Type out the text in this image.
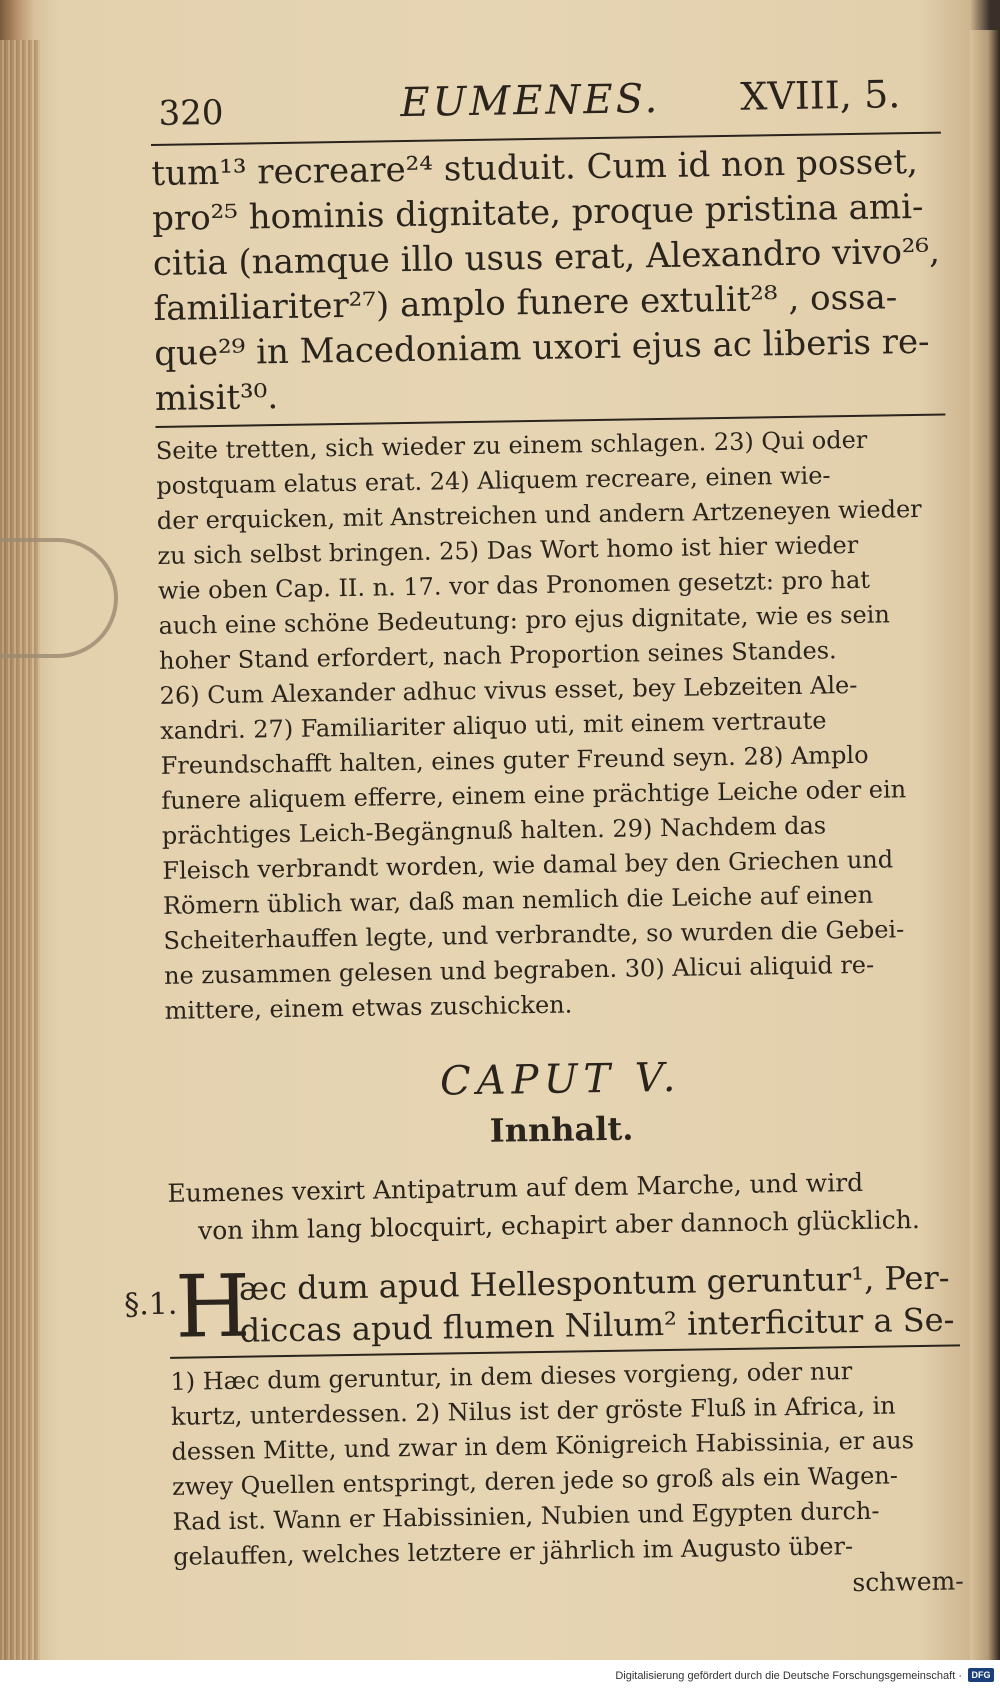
320	EUMENES. XVIII, 5.

tum¹³ recreare²⁴ studuit. Cum id non posset,

pro²⁵ hominis dignitate, proque pristina ami-

citia (namque illo usus erat, Alexandro vivo²⁶,

familiariter²⁷) amplo funere extulit²⁸ , ossa-

que²⁹ in Macedoniam uxori ejus ac liberis re-

misit³⁰.

Seite tretten, sich wieder zu einem schlagen. 23) Qui oder

postquam elatus erat. 24) Aliquem recreare, einen wie-

der erquicken, mit Anstreichen und andern Artzeneyen wieder

zu sich selbst bringen. 25) Das Wort homo ist hier wieder

wie oben Cap. II. n. 17. vor das Pronomen gesetzt: pro hat

auch eine schöne Bedeutung: pro ejus dignitate, wie es sein

hoher Stand erfordert, nach Proportion seines Standes.

26) Cum Alexander adhuc vivus esset, bey Lebzeiten Ale-

xandri. 27) Familiariter aliquo uti, mit einem vertraute

Freundschafft halten, eines guter Freund seyn. 28) Amplo

funere aliquem efferre, einem eine prächtige Leiche oder ein

prächtiges Leich-Begängnuß halten. 29) Nachdem das

Fleisch verbrandt worden, wie damal bey den Griechen und

Römern üblich war, daß man nemlich die Leiche auf einen

Scheiterhauffen legte, und verbrandte, so wurden die Gebei-

ne zusammen gelesen und begraben. 30) Alicui aliquid re-

mittere, einem etwas zuschicken.

CAPUT V.
Innhalt.

Eumenes vexirt Antipatrum auf dem Marche, und wird

von ihm lang blocquirt, echapirt aber dannoch glücklich.

§.1.
H

æc dum apud Hellespontum geruntur¹, Per-

diccas apud flumen Nilum² interficitur a Se-

1) Hæc dum geruntur, in dem dieses vorgieng, oder nur

kurtz, unterdessen. 2) Nilus ist der gröste Fluß in Africa, in

dessen Mitte, und zwar in dem Königreich Habissinia, er aus

zwey Quellen entspringt, deren jede so groß als ein Wagen-

Rad ist. Wann er Habissinien, Nubien und Egypten durch-

gelauffen, welches letztere er jährlich im Augusto über-

schwem-
Digitalisierung gefördert durch die Deutsche Forschungsgemeinschaft ·	DFG
